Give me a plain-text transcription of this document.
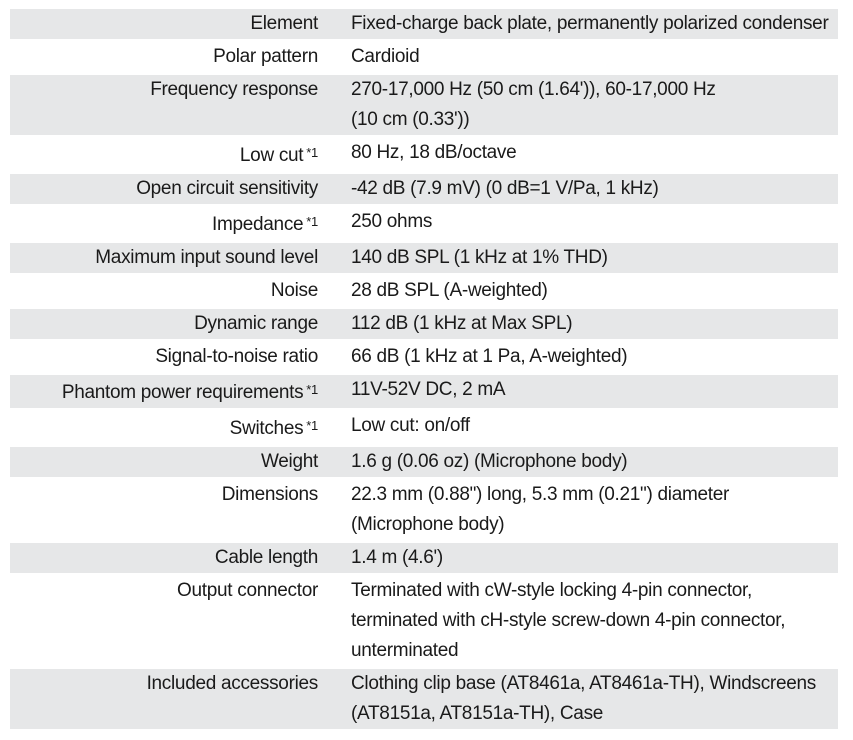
Element	Fixed-charge back plate, permanently polarized condenser

Polar pattern	Cardioid

Frequency response	270-17,000 Hz (50 cm (1.64')), 60-17,000 Hz
(10 cm (0.33'))

Low cut $^{*1}$	80 Hz, 18 dB/octave

Open circuit sensitivity	-42 dB (7.9 mV) (0 dB=1 V/Pa, 1 kHz)

Impedance $^{*1}$	250 ohms

Maximum input sound level	140 dB SPL (1 kHz at 1% THD)

Noise	28 dB SPL (A-weighted)

Dynamic range	112 dB (1 kHz at Max SPL)

Signal-to-noise ratio	66 dB (1 kHz at 1 Pa, A-weighted)

Phantom power requirements $^{*1}$	11V-52V DC, 2 mA

Switches $^{*1}$	Low cut: on/off

Weight	1.6 g (0.06 oz) (Microphone body)

Dimensions	22.3 mm (0.88") long, 5.3 mm (0.21") diameter
(Microphone body)

Cable length	1.4 m (4.6')

Output connector	Terminated with cW-style locking 4-pin connector,
terminated with cH-style screw-down 4-pin connector,
unterminated

Included accessories	Clothing clip base (AT8461a, AT8461a-TH), Windscreens
(AT8151a, AT8151a-TH), Case
